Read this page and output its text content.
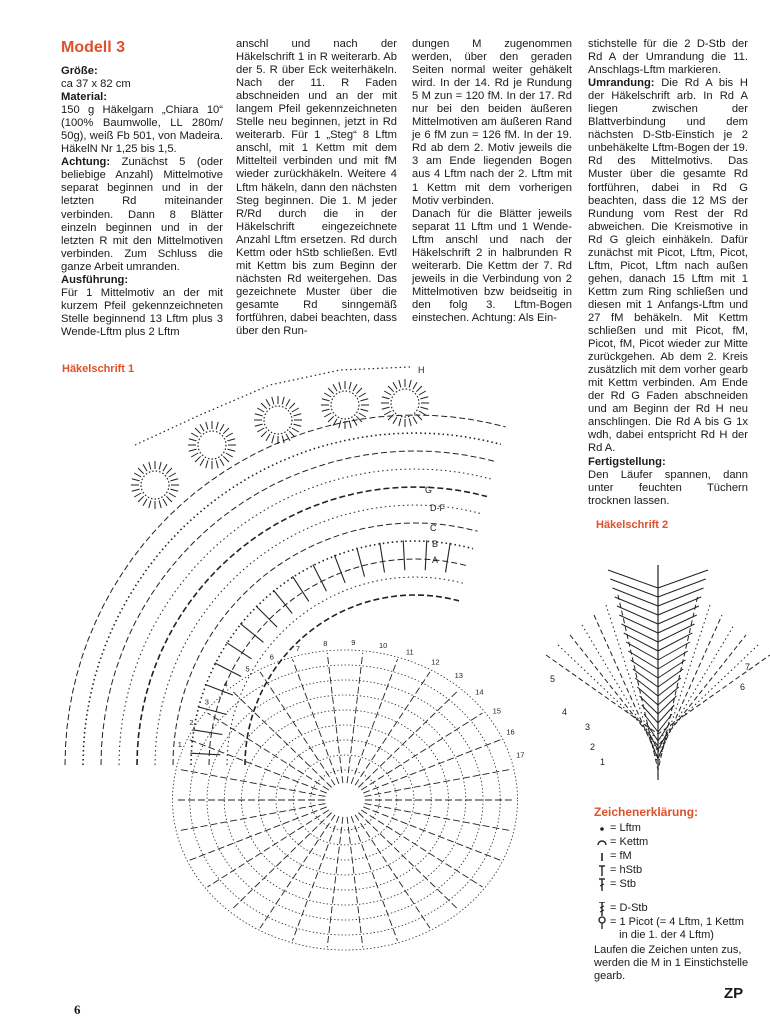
Modell 3

Größe:

ca 37 x 82 cm

Material:

150 g Häkelgarn „Chiara 10“ (100% Baumwolle, LL 280m/ 50g), weiß Fb 501, von Madeira. HäkelN Nr 1,25 bis 1,5.

Achtung: Zunächst 5 (oder beliebige Anzahl) Mittelmotive separat beginnen und in der letzten Rd miteinander verbinden. Dann 8 Blätter einzeln beginnen und in der letzten R mit den Mittelmotiven verbinden. Zum Schluss die ganze Arbeit umranden.

Ausführung:

Für 1 Mittelmotiv an der mit kurzem Pfeil gekennzeichneten Stelle beginnend 13 Lftm plus 3 Wende-Lftm plus 2 Lftm

anschl und nach der Häkelschrift 1 in R weiterarb. Ab der 5. R über Eck weiterhäkeln. Nach der 11. R Faden abschneiden und an der mit langem Pfeil gekennzeichneten Stelle neu beginnen, jetzt in Rd weiterarb. Für 1 „Steg“ 8 Lftm anschl, mit 1 Kettm mit dem Mittelteil verbinden und mit fM wieder zurückhäkeln. Weitere 4 Lftm häkeln, dann den nächsten Steg beginnen. Die 1. M jeder R/Rd durch die in der Häkelschrift eingezeichnete Anzahl Lftm ersetzen. Rd durch Kettm oder hStb schließen. Evtl mit Kettm bis zum Beginn der nächsten Rd weitergehen. Das gezeichnete Muster über die gesamte Rd sinngemäß fortführen, dabei beachten, dass über den Run-

dungen M zugenommen werden, über den geraden Seiten normal weiter gehäkelt wird. In der 14. Rd je Rundung 5 M zun = 120 fM. In der 17. Rd nur bei den beiden äußeren Mittelmotiven am äußeren Rand je 6 fM zun = 126 fM. In der 19. Rd ab dem 2. Motiv jeweils die 3 am Ende liegenden Bogen aus 4 Lftm nach der 2. Lftm mit 1 Kettm mit dem vorherigen Motiv verbinden.

Danach für die Blätter jeweils separat 11 Lftm und 1 Wende-Lftm anschl und nach der Häkelschrift 2 in halbrunden R weiterarb. Die Kettm der 7. Rd jeweils in die Verbindung von 2 Mittelmotiven bzw beidseitig in den folg 3. Lftm-Bogen einstechen. Achtung: Als Ein-

stichstelle für die 2 D-Stb der Rd A der Umrandung die 11. Anschlags-Lftm markieren.

Umrandung: Die Rd A bis H der Häkelschrift arb. In Rd A liegen zwischen der Blattverbindung und dem nächsten D-Stb-Einstich je 2 unbehäkelte Lftm-Bogen der 19. Rd des Mittelmotivs. Das Muster über die gesamte Rd fortführen, dabei in Rd G beachten, dass die 12 MS der Rundung vom Rest der Rd abweichen. Die Kreismotive in Rd G gleich einhäkeln. Dafür zunächst mit Picot, Lftm, Picot, Lftm, Picot, Lftm nach außen gehen, danach 15 Lftm mit 1 Kettm zum Ring schließen und diesen mit 1 Anfangs-Lftm und 27 fM behäkeln. Mit Kettm schließen und mit Picot, fM, Picot, fM, Picot wieder zur Mitte zurückgehen. Ab dem 2. Kreis zusätzlich mit dem vorher gearb mit Kettm verbinden. Am Ende der Rd G Faden abschneiden und am Beginn der Rd H neu anschlingen. Die Rd A bis G 1x wdh, dabei entspricht Rd H der Rd A.

Fertigstellung:

Den Läufer spannen, dann unter feuchten Tüchern trocknen lassen.

Häkelschrift 1
Häkelschrift 2
A
B
C
D-F
G
H
1
2
3
4
5
6
7
8	9	10
11
12
13
14
15
16
17
1
2
3
4
5
6
7
Zeichenerklärung:
= Lftm
= Kettm
= fM
= hStb
= Stb
= D-Stb
= 1 Picot (= 4 Lftm, 1 Kettm
in die 1. der 4 Lftm)
Laufen die Zeichen unten zus, werden die M in 1 Einstichstelle gearb.
6
ZP
